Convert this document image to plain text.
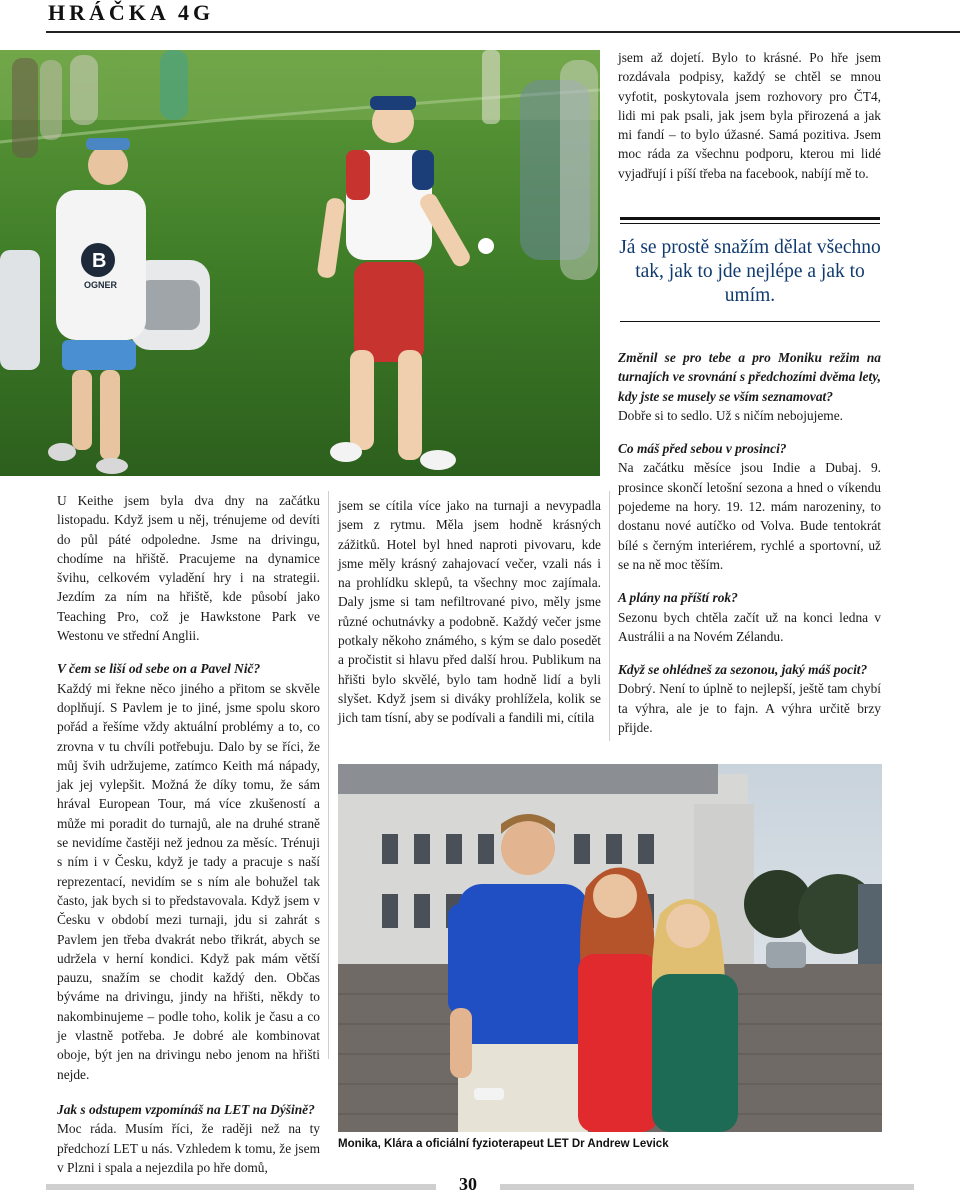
HRÁČKA 4G
B
OGNER

jsem až dojetí. Bylo to krásné. Po hře jsem rozdávala podpisy, každý se chtěl se mnou vyfotit, poskytovala jsem rozhovory pro ČT4, lidi mi pak psali, jak jsem byla přirozená a jak mi fandí – to bylo úžasné. Samá pozitiva. Jsem moc ráda za všechnu podporu, kterou mi lidé vyjadřují i píší třeba na facebook, nabíjí mě to.

Já se prostě snažím dělat všechno tak, jak to jde nejlépe a jak to umím.

Změnil se pro tebe a pro Moniku režim na turnajích ve srovnání s předchozími dvěma lety, kdy jste se musely se vším seznamovat?

Dobře si to sedlo. Už s ničím nebojujeme.

Co máš před sebou v prosinci?

Na začátku měsíce jsou Indie a Dubaj. 9. prosince skončí letošní sezona a hned o víkendu pojedeme na hory. 19. 12. mám narozeniny, to dostanu nové autíčko od Volva. Bude tentokrát bílé s černým interiérem, rychlé a sportovní, už se na ně moc těším.

A plány na příští rok?

Sezonu bych chtěla začít už na konci ledna v Austrálii a na Novém Zélandu.

Když se ohlédneš za sezonou, jaký máš pocit?

Dobrý. Není to úplně to nejlepší, ještě tam chybí ta výhra, ale je to fajn. A výhra určitě brzy přijde.

U Keithe jsem byla dva dny na začátku listopadu. Když jsem u něj, trénujeme od devíti do půl páté odpoledne. Jsme na drivingu, chodíme na hřiště. Pracujeme na dynamice švihu, celkovém vyladění hry i na strategii. Jezdím za ním na hřiště, kde působí jako Teaching Pro, což je Hawkstone Park ve Westonu ve střední Anglii.

V čem se liší od sebe on a Pavel Nič?

Každý mi řekne něco jiného a přitom se skvěle doplňují. S Pavlem je to jiné, jsme spolu skoro pořád a řešíme vždy aktuální problémy a to, co zrovna v tu chvíli potřebuju. Dalo by se říci, že můj švih udržujeme, zatímco Keith má nápady, jak jej vylepšit. Možná že díky tomu, že sám hrával European Tour, má více zkušeností a může mi poradit do turnajů, ale na druhé straně se nevidíme častěji než jednou za měsíc. Trénuji s ním i v Česku, když je tady a pracuje s naší reprezentací, nevidím se s ním ale bohužel tak často, jak bych si to představovala. Když jsem v Česku v období mezi turnaji, jdu si zahrát s Pavlem jen třeba dvakrát nebo třikrát, abych se udržela v herní kondici. Když pak mám větší pauzu, snažím se chodit každý den. Občas býváme na drivingu, jindy na hřišti, někdy to nakombinujeme – podle toho, kolik je času a co je vlastně potřeba. Je dobré ale kombinovat oboje, být jen na drivingu nebo jenom na hřišti nejde.

Jak s odstupem vzpomínáš na LET na Dýšině?

Moc ráda. Musím říci, že raději než na ty předchozí LET u nás. Vzhledem k tomu, že jsem v Plzni i spala a nejezdila po hře domů,

jsem se cítila více jako na turnaji a nevypadla jsem z rytmu. Měla jsem hodně krásných zážitků. Hotel byl hned naproti pivovaru, kde jsme měly krásný zahajovací večer, vzali nás i na prohlídku sklepů, ta všechny moc zajímala. Daly jsme si tam nefiltrované pivo, měly jsme různé ochutnávky a podobně. Každý večer jsme potkaly někoho známého, s kým se dalo posedět a pročistit si hlavu před další hrou. Publikum na hřišti bylo skvělé, bylo tam hodně lidí a byli slyšet. Když jsem si diváky prohlížela, kolik se jich tam tísní, aby se podívali a fandili mi, cítila

Monika, Klára a oficiální fyzioterapeut LET Dr Andrew Levick
30
